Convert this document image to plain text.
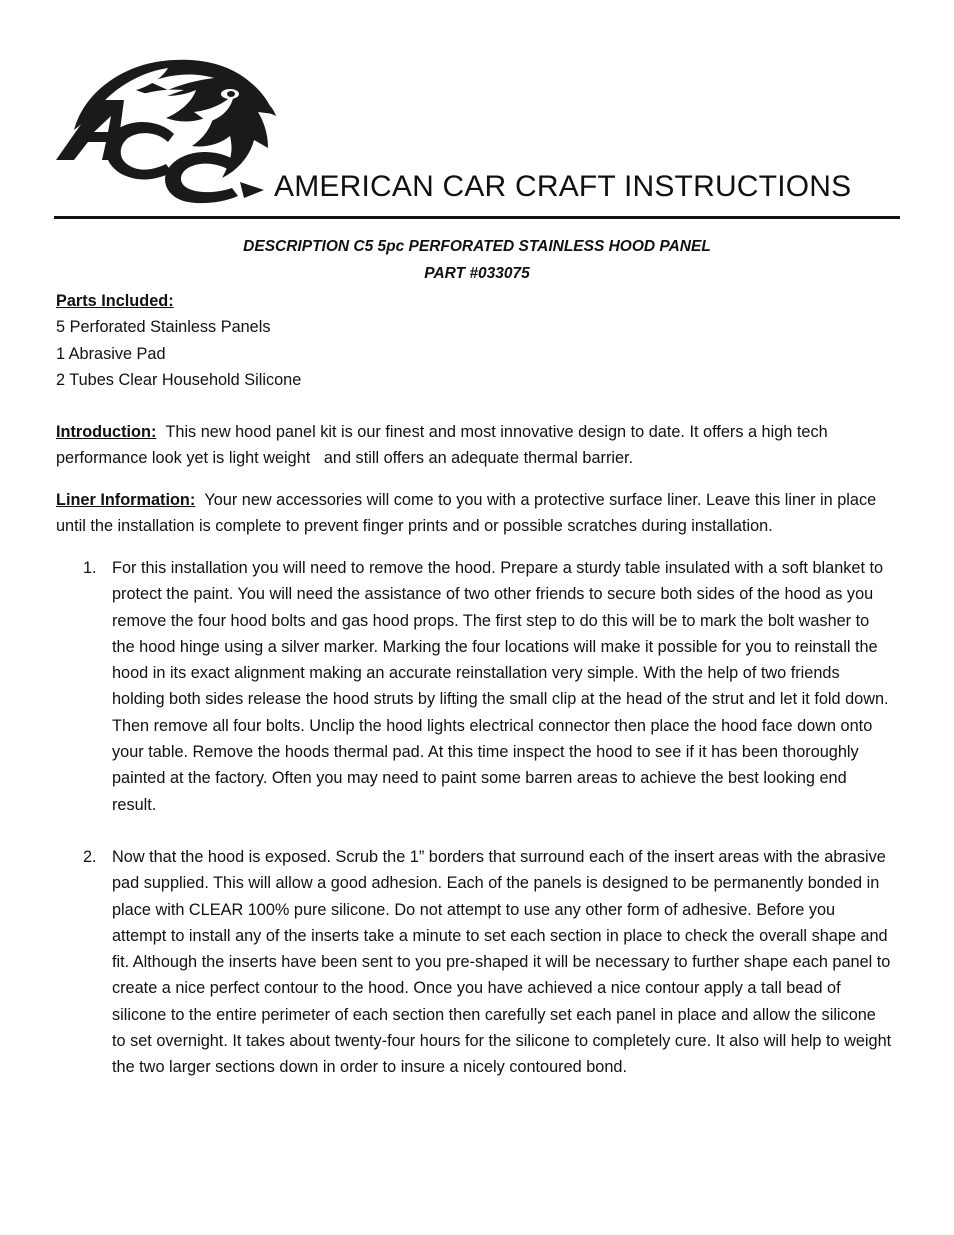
AMERICAN CAR CRAFT INSTRUCTIONS
DESCRIPTION C5 5pc PERFORATED STAINLESS HOOD PANEL
PART #033075
Parts Included:
5 Perforated Stainless Panels
1 Abrasive Pad
2 Tubes Clear Household Silicone
Introduction: This new hood panel kit is our finest and most innovative design to date. It offers a high tech performance look yet is light weight   and still offers an adequate thermal barrier.
Liner Information: Your new accessories will come to you with a protective surface liner. Leave this liner in place until the installation is complete to prevent finger prints and or possible scratches during installation.
1. For this installation you will need to remove the hood. Prepare a sturdy table insulated with a soft blanket to protect the paint. You will need the assistance of two other friends to secure both sides of the hood as you remove the four hood bolts and gas hood props. The first step to do this will be to mark the bolt washer to the hood hinge using a silver marker. Marking the four locations will make it possible for you to reinstall the hood in its exact alignment making an accurate reinstallation very simple. With the help of two friends holding both sides release the hood struts by lifting the small clip at the head of the strut and let it fold down. Then remove all four bolts. Unclip the hood lights electrical connector then place the hood face down onto your table. Remove the hoods thermal pad. At this time inspect the hood to see if it has been thoroughly painted at the factory. Often you may need to paint some barren areas to achieve the best looking end result.
2. Now that the hood is exposed. Scrub the 1” borders that surround each of the insert areas with the abrasive pad supplied. This will allow a good adhesion. Each of the panels is designed to be permanently bonded in place with CLEAR 100% pure silicone. Do not attempt to use any other form of adhesive. Before you attempt to install any of the inserts take a minute to set each section in place to check the overall shape and fit. Although the inserts have been sent to you pre-shaped it will be necessary to further shape each panel to create a nice perfect contour to the hood. Once you have achieved a nice contour apply a tall bead of silicone to the entire perimeter of each section then carefully set each panel in place and allow the silicone to set overnight. It takes about twenty-four hours for the silicone to completely cure. It also will help to weight the two larger sections down in order to insure a nicely contoured bond.
